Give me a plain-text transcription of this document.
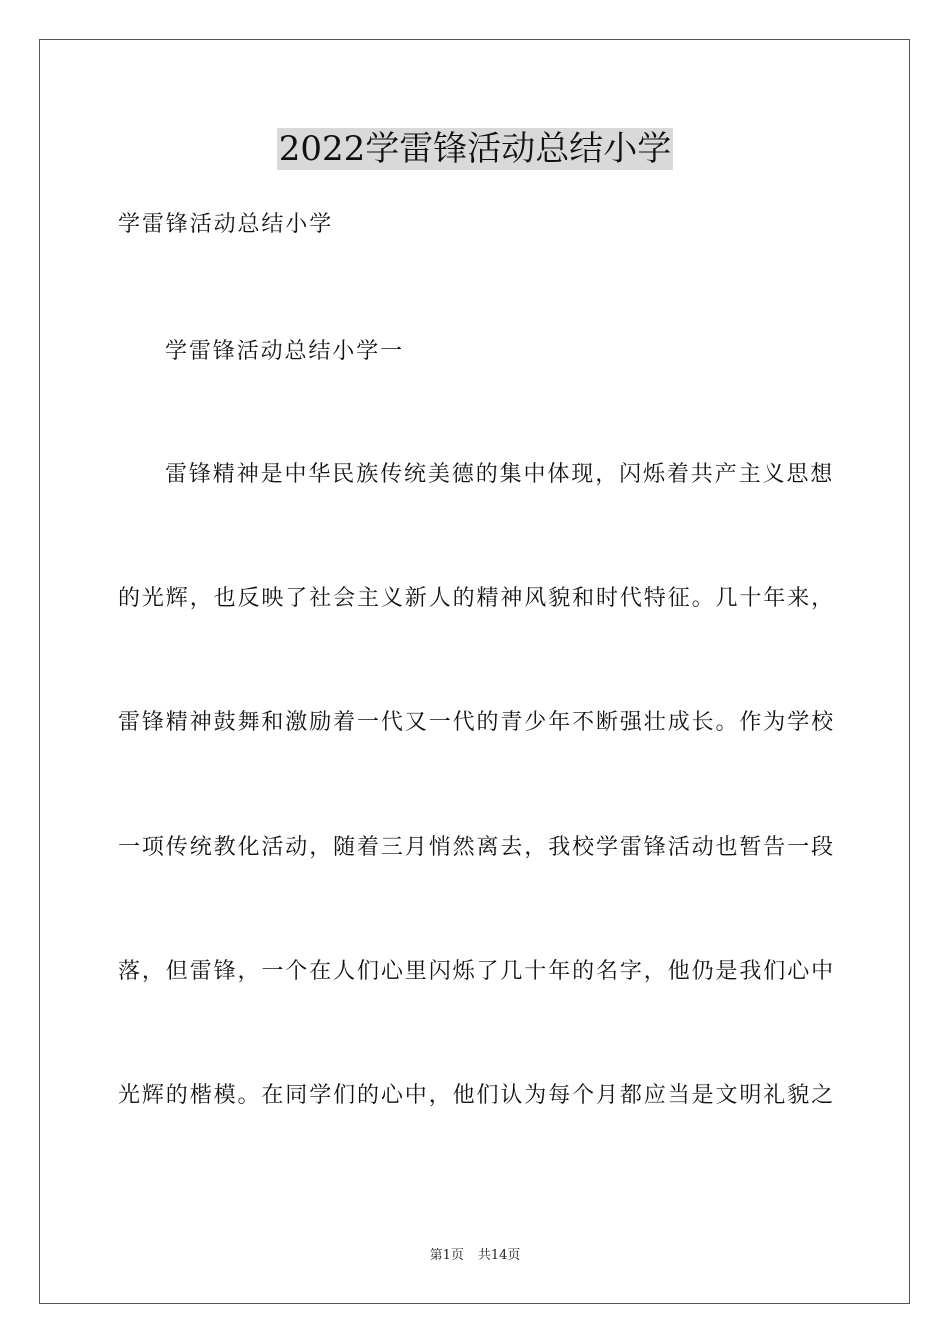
2022学雷锋活动总结小学
学雷锋活动总结小学
学雷锋活动总结小学一
雷锋精神是中华民族传统美德的集中体现，闪烁着共产主义思想
的光辉，也反映了社会主义新人的精神风貌和时代特征。几十年来，
雷锋精神鼓舞和激励着一代又一代的青少年不断强壮成长。作为学校
一项传统教化活动，随着三月悄然离去，我校学雷锋活动也暂告一段
落，但雷锋，一个在人们心里闪烁了几十年的名字，他仍是我们心中
光辉的楷模。在同学们的心中，他们认为每个月都应当是文明礼貌之
第1页 共14页
